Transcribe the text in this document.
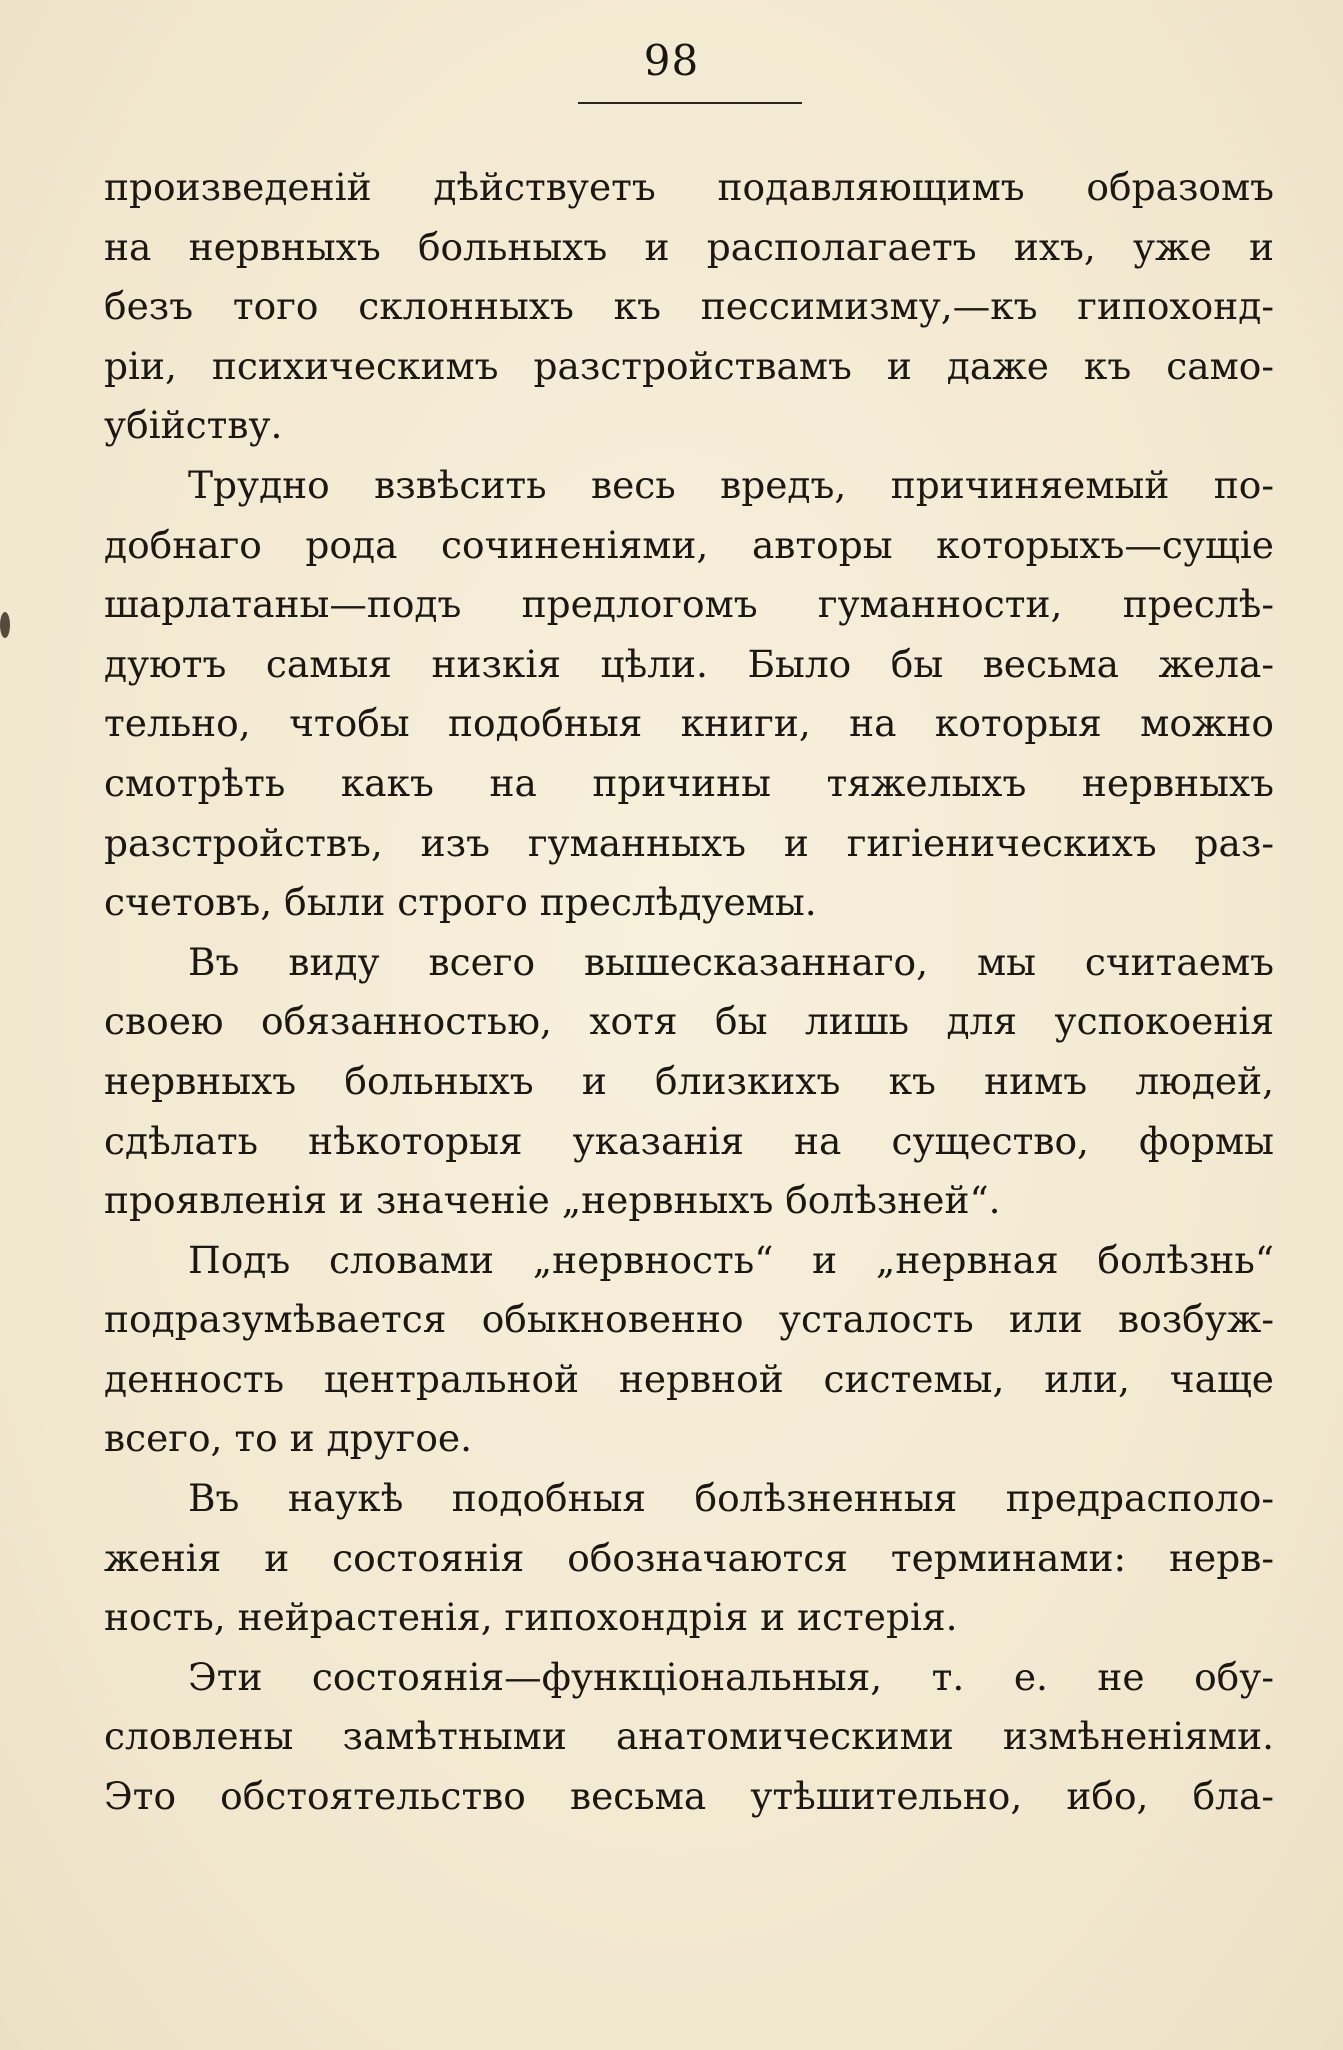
98
произведеній дѣйствуетъ подавляющимъ образомъ
на нервныхъ больныхъ и располагаетъ ихъ, уже и
безъ того склонныхъ къ пессимизму,—къ гипохонд-
ріи, психическимъ разстройствамъ и даже къ само-
убійству.
Трудно взвѣсить весь вредъ, причиняемый по-
добнаго рода сочиненіями, авторы которыхъ—сущіе
шарлатаны—подъ предлогомъ гуманности, преслѣ-
дуютъ самыя низкія цѣли. Было бы весьма жела-
тельно, чтобы подобныя книги, на которыя можно
смотрѣть какъ на причины тяжелыхъ нервныхъ
разстройствъ, изъ гуманныхъ и гигіеническихъ раз-
счетовъ, были строго преслѣдуемы.
Въ виду всего вышесказаннаго, мы считаемъ
своею обязанностью, хотя бы лишь для успокоенія
нервныхъ больныхъ и близкихъ къ нимъ людей,
сдѣлать нѣкоторыя указанія на существо, формы
проявленія и значеніе „нервныхъ болѣзней“.
Подъ словами „нервность“ и „нервная болѣзнь“
подразумѣвается обыкновенно усталость или возбуж-
денность центральной нервной системы, или, чаще
всего, то и другое.
Въ наукѣ подобныя болѣзненныя предрасполо-
женія и состоянія обозначаются терминами: нерв-
ность, нейрастенія, гипохондрія и истерія.
Эти состоянія—функціональныя, т. е. не обу-
словлены замѣтными анатомическими измѣненіями.
Это обстоятельство весьма утѣшительно, ибо, бла-
